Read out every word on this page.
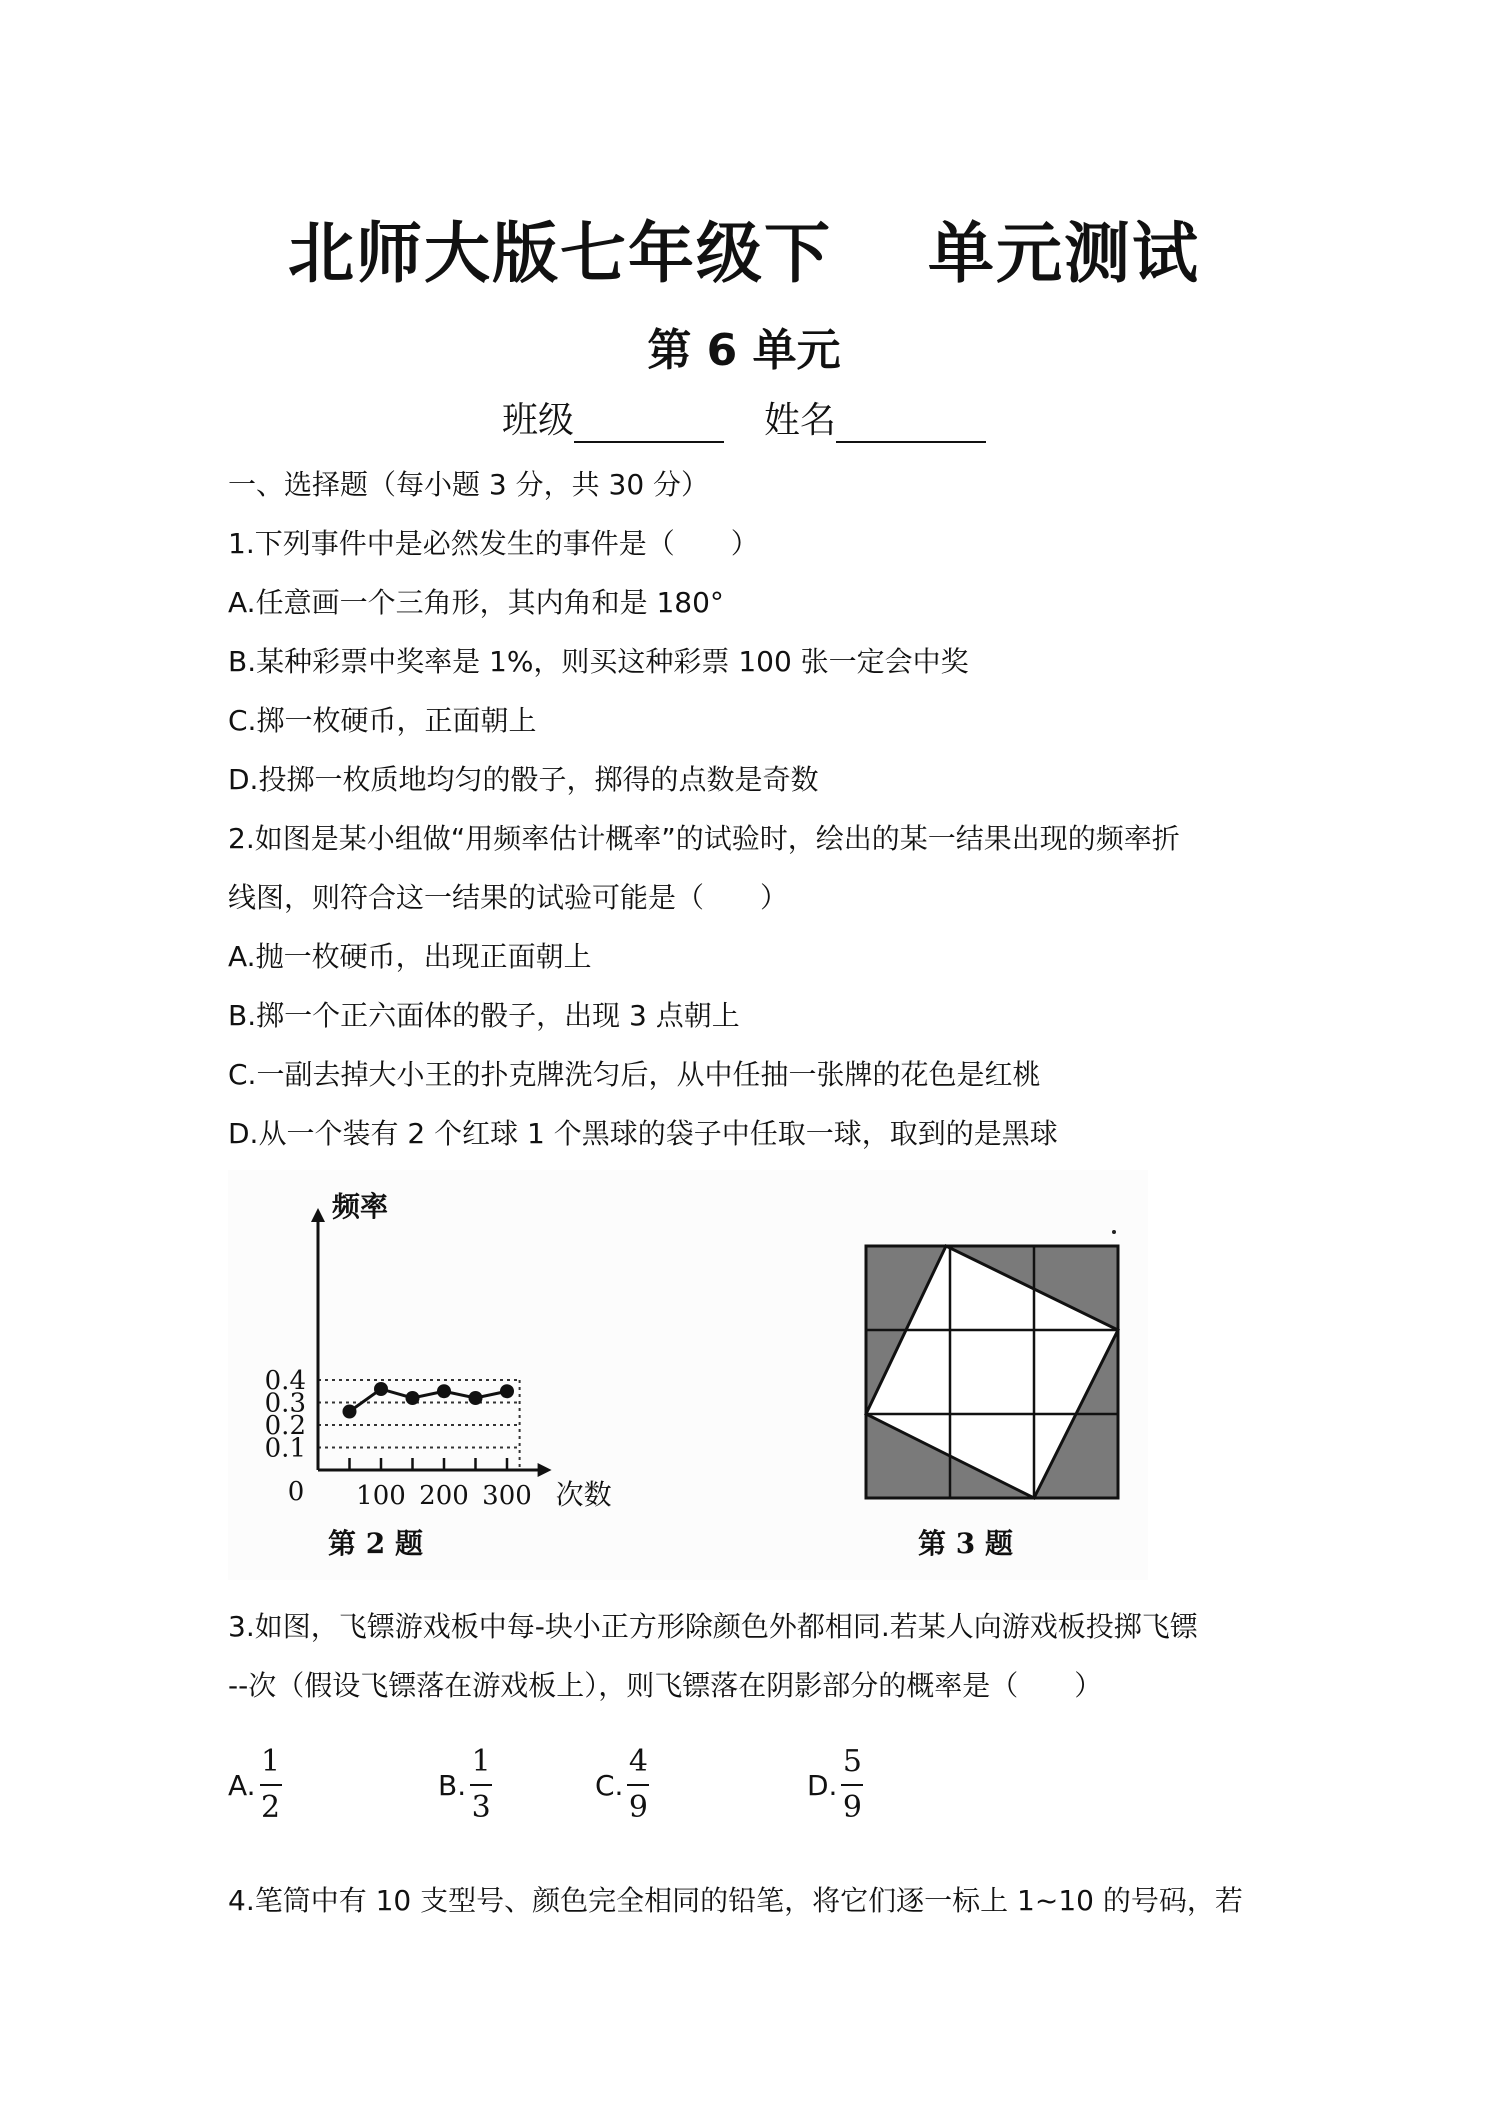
北师大版七年级下 单元测试
第 6 单元
班级	姓名
一、选择题（每小题 3 分，共 30 分）
1.下列事件中是必然发生的事件是（　　）
A.任意画一个三角形，其内角和是 180°
B.某种彩票中奖率是 1%，则买这种彩票 100 张一定会中奖
C.掷一枚硬币，正面朝上
D.投掷一枚质地均匀的骰子，掷得的点数是奇数
2.如图是某小组做“用频率估计概率”的试验时，绘出的某一结果出现的频率折
线图，则符合这一结果的试验可能是（　　）
A.抛一枚硬币，出现正面朝上
B.掷一个正六面体的骰子，出现 3 点朝上
C.一副去掉大小王的扑克牌洗匀后，从中任抽一张牌的花色是红桃
D.从一个装有 2 个红球 1 个黑球的袋子中任取一球，取到的是黑球
0.1
0.2
0.3
0.4
100 200 300
0
频率
次数
第 2 题	第 3 题
3.如图，飞镖游戏板中每-块小正方形除颜色外都相同.若某人向游戏板投掷飞镖
--次（假设飞镖落在游戏板上），则飞镖落在阴影部分的概率是（　　）
A. $\frac{1}{2}$	B. $\frac{1}{3}$	C. $\frac{4}{9}$	D. $\frac{5}{9}$
4.笔筒中有 10 支型号、颜色完全相同的铅笔，将它们逐一标上 1~10 的号码，若
